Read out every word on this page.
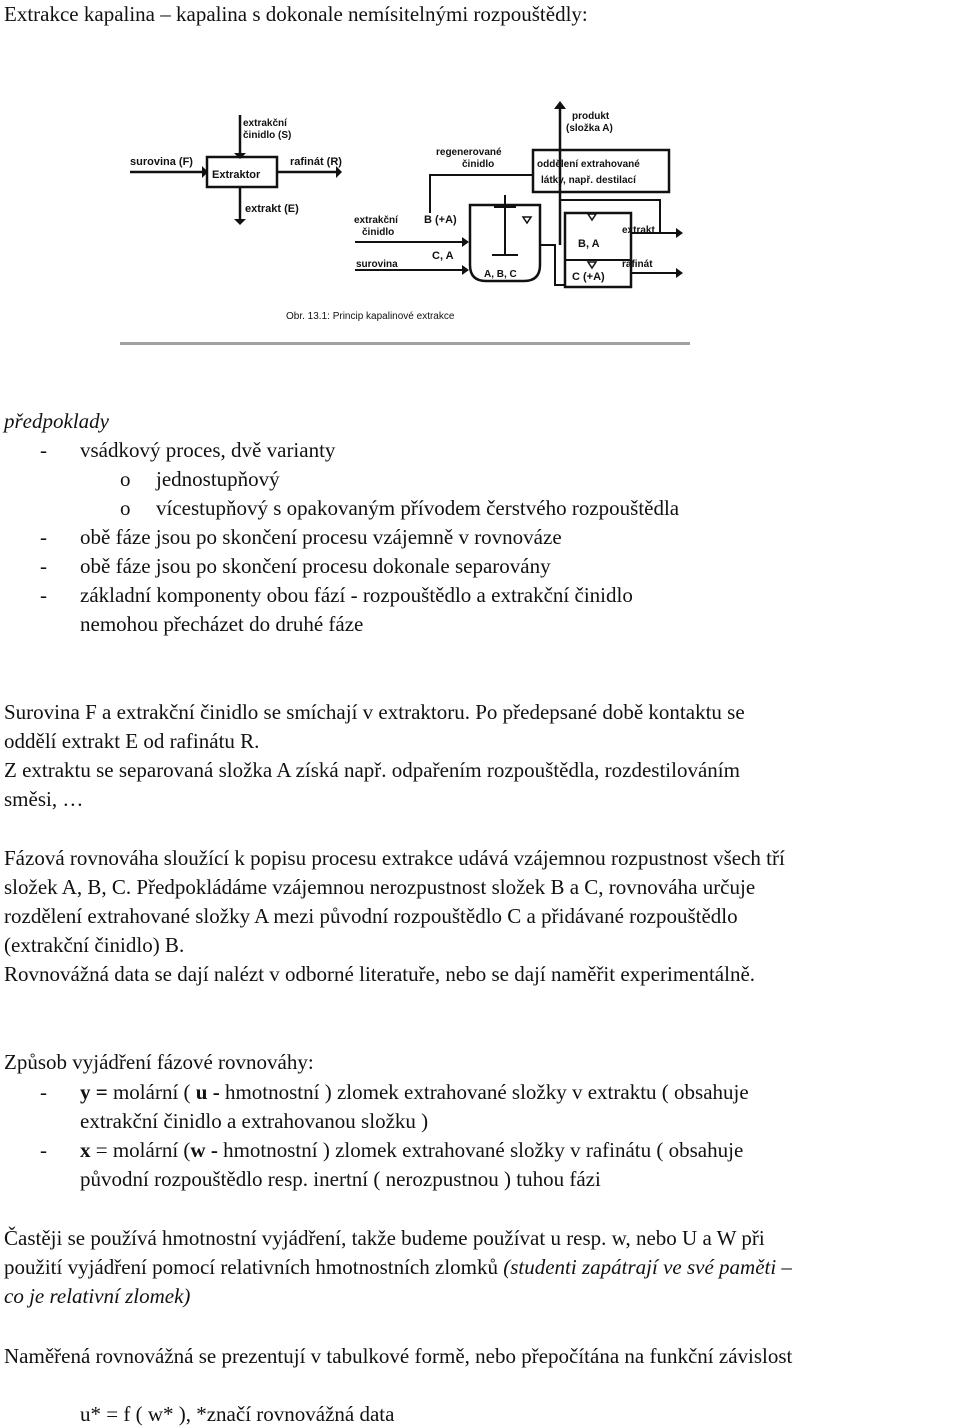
Extrakce kapalina – kapalina s dokonale nemísitelnými rozpouštědly:
Extraktor
extrakční
činidlo (S)
surovina (F)	rafinát (R)
extrakt (E)
produkt
(složka A)
oddělení extrahované
látky, např. destilací
regenerované
činidlo
A, B, C
B (+A)
C, A
extrakční
činidlo
surovina
B, A
C (+A)
extrakt
rafinát
Obr. 13.1: Princip kapalinové extrakce
předpoklady
- vsádkový proces, dvě varianty
o jednostupňový
o vícestupňový s opakovaným přívodem čerstvého rozpouštědla
- obě fáze jsou po skončení procesu vzájemně v rovnováze
- obě fáze jsou po skončení procesu dokonale separovány
- základní komponenty obou fází - rozpouštědlo a extrakční činidlo
nemohou přecházet do druhé fáze
Surovina F a extrakční činidlo se smíchají v extraktoru. Po předepsané době kontaktu se
oddělí extrakt E od rafinátu R.
Z extraktu se separovaná složka A získá např. odpařením rozpouštědla, rozdestilováním
směsi, …
Fázová rovnováha sloužící k popisu procesu extrakce udává vzájemnou rozpustnost všech tří
složek A, B, C. Předpokládáme vzájemnou nerozpustnost složek B a C, rovnováha určuje
rozdělení extrahované složky A mezi původní rozpouštědlo C a přidávané rozpouštědlo
(extrakční činidlo) B.
Rovnovážná data se dají nalézt v odborné literatuře, nebo se dají naměřit experimentálně.
Způsob vyjádření fázové rovnováhy:
- y = molární ( u - hmotnostní ) zlomek extrahované složky v extraktu ( obsahuje
extrakční činidlo a extrahovanou složku )
- x = molární (w - hmotnostní ) zlomek extrahované složky v rafinátu ( obsahuje
původní rozpouštědlo resp. inertní ( nerozpustnou ) tuhou fázi
Častěji se používá hmotnostní vyjádření, takže budeme používat u resp. w, nebo U a W při
použití vyjádření pomocí relativních hmotnostních zlomků (studenti zapátrají ve své paměti –
co je relativní zlomek)
Naměřená rovnovážná se prezentují v tabulkové formě, nebo přepočítána na funkční závislost
u* = f ( w* ), *značí rovnovážná data
